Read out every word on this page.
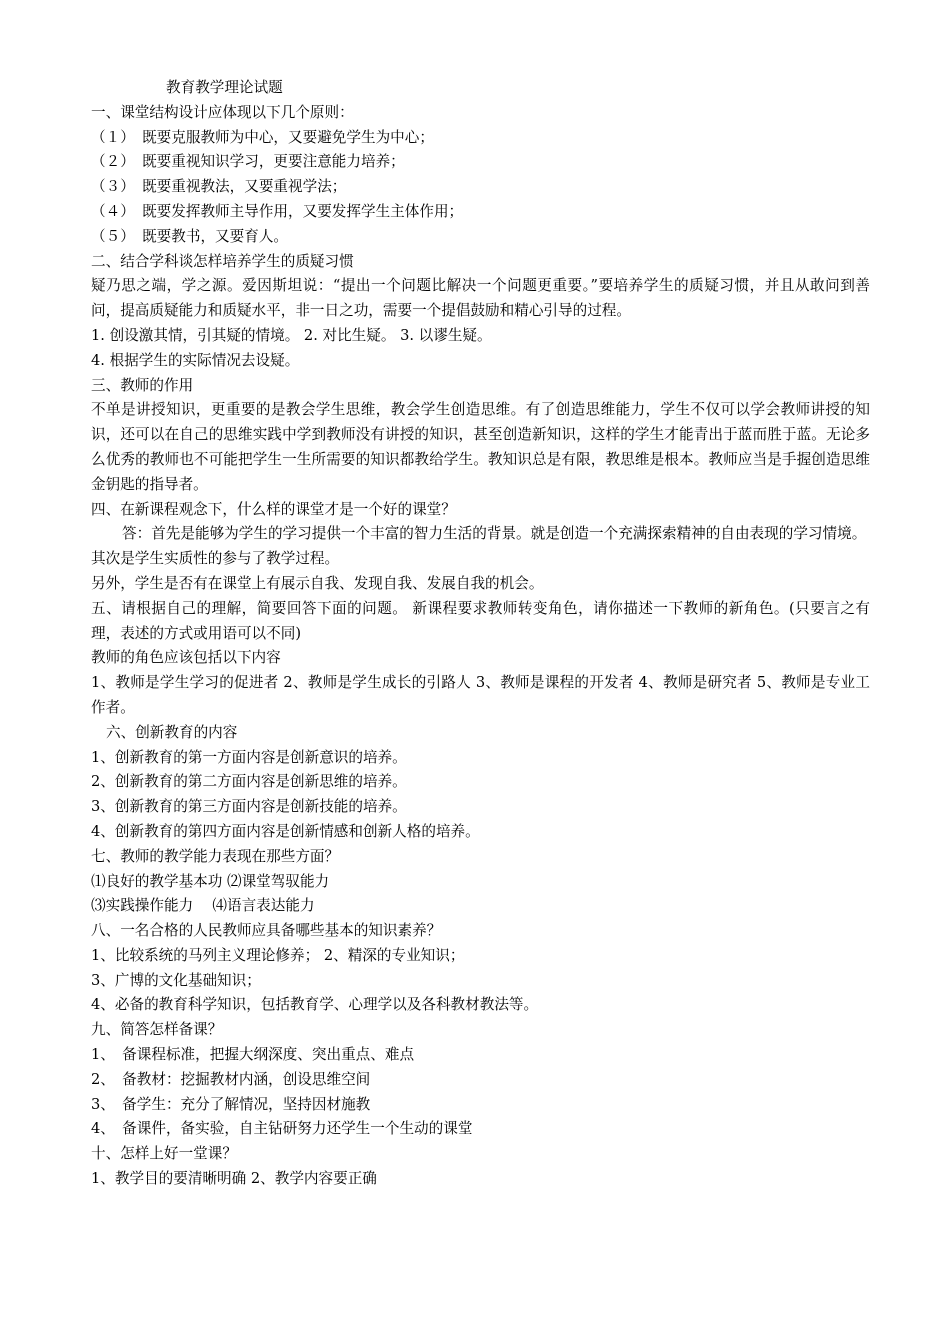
教育教学理论试题

一、课堂结构设计应体现以下几个原则：

（１）　既要克服教师为中心，又要避免学生为中心；

（２）　既要重视知识学习，更要注意能力培养；

（３）　既要重视教法，又要重视学法；

（４）　既要发挥教师主导作用，又要发挥学生主体作用；

（５）　既要教书，又要育人。

二、结合学科谈怎样培养学生的质疑习惯

疑乃思之端，学之源。爱因斯坦说：“提出一个问题比解决一个问题更重要。”要培养学生的质疑习惯，并且从敢问到善问，提高质疑能力和质疑水平，非一日之功，需要一个提倡鼓励和精心引导的过程。

1. 创设激其情，引其疑的情境。 2. 对比生疑。 3. 以谬生疑。

4. 根据学生的实际情况去设疑。

三、教师的作用

不单是讲授知识，更重要的是教会学生思维，教会学生创造思维。有了创造思维能力，学生不仅可以学会教师讲授的知识，还可以在自己的思维实践中学到教师没有讲授的知识，甚至创造新知识，这样的学生才能青出于蓝而胜于蓝。无论多么优秀的教师也不可能把学生一生所需要的知识都教给学生。教知识总是有限，教思维是根本。教师应当是手握创造思维金钥匙的指导者。

四、在新课程观念下，什么样的课堂才是一个好的课堂？

答：首先是能够为学生的学习提供一个丰富的智力生活的背景。就是创造一个充满探索精神的自由表现的学习情境。

其次是学生实质性的参与了教学过程。

另外，学生是否有在课堂上有展示自我、发现自我、发展自我的机会。

五、请根据自己的理解，简要回答下面的问题。 新课程要求教师转变角色，请你描述一下教师的新角色。(只要言之有理，表述的方式或用语可以不同)

教师的角色应该包括以下内容

1、教师是学生学习的促进者 2、教师是学生成长的引路人 3、教师是课程的开发者 4、教师是研究者 5、教师是专业工作者。

六、创新教育的内容

1、创新教育的第一方面内容是创新意识的培养。

2、创新教育的第二方面内容是创新思维的培养。

3、创新教育的第三方面内容是创新技能的培养。

4、创新教育的第四方面内容是创新情感和创新人格的培养。

七、教师的教学能力表现在那些方面？

⑴良好的教学基本功 ⑵课堂驾驭能力

⑶实践操作能力　 ⑷语言表达能力

八、一名合格的人民教师应具备哪些基本的知识素养？

1、比较系统的马列主义理论修养； 2、精深的专业知识；

3、广博的文化基础知识；

4、必备的教育科学知识，包括教育学、心理学以及各科教材教法等。

九、简答怎样备课？

1、　备课程标准，把握大纲深度、突出重点、难点

2、　备教材：挖掘教材内涵，创设思维空间

3、　备学生：充分了解情况，坚持因材施教

4、　备课件，备实验，自主钻研努力还学生一个生动的课堂

十、怎样上好一堂课？

1、教学目的要清晰明确 2、教学内容要正确
